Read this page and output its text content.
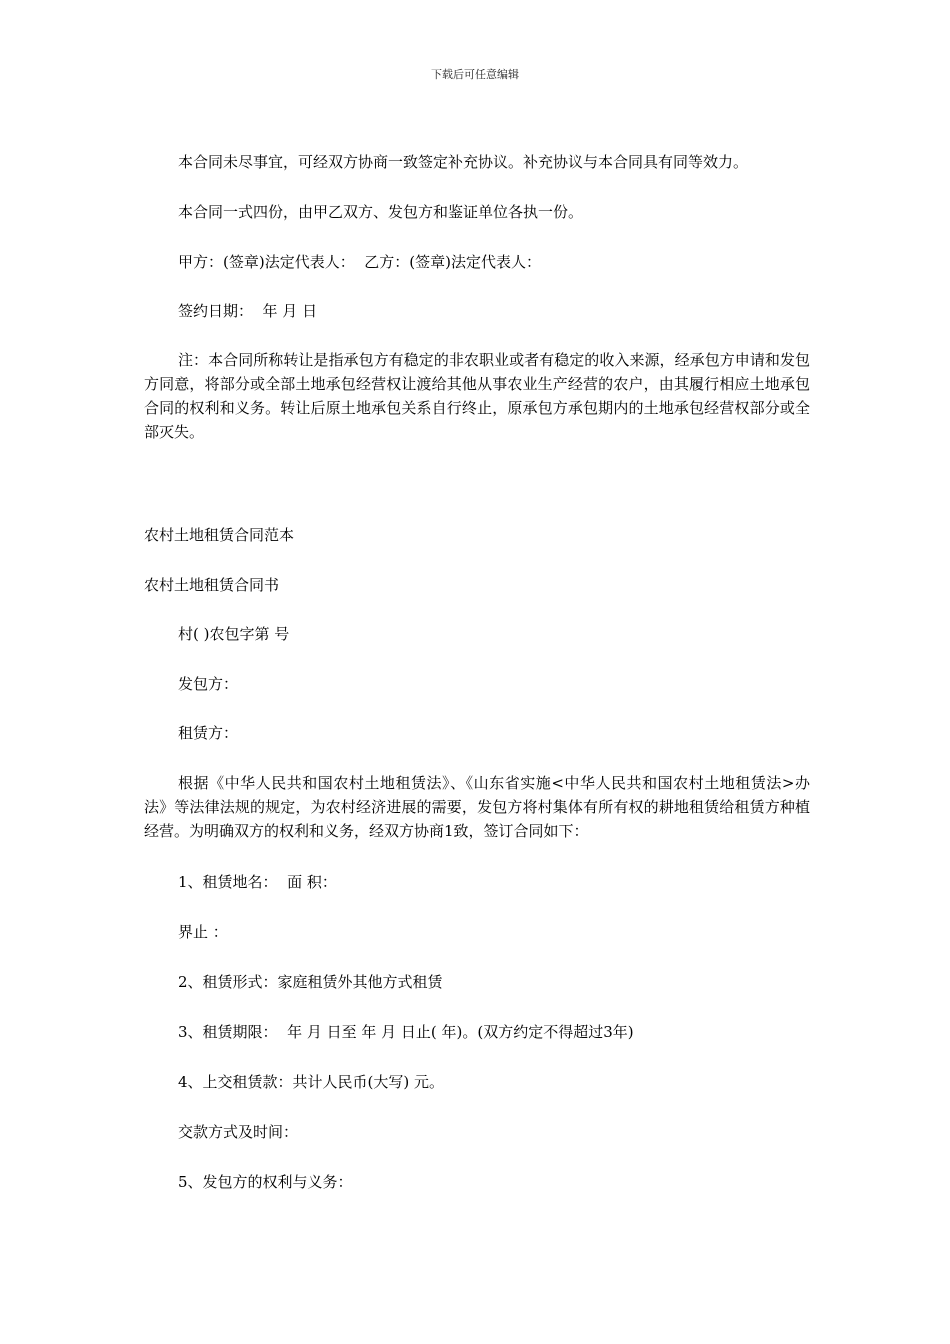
下载后可任意编辑

本合同未尽事宜，可经双方协商一致签定补充协议。补充协议与本合同具有同等效力。

本合同一式四份，由甲乙双方、发包方和鉴证单位各执一份。

甲方：(签章)法定代表人：  乙方：(签章)法定代表人：

签约日期：  年 月 日

注：本合同所称转让是指承包方有稳定的非农职业或者有稳定的收入来源，经承包方申请和发包方同意，将部分或全部土地承包经营权让渡给其他从事农业生产经营的农户，由其履行相应土地承包合同的权利和义务。转让后原土地承包关系自行终止，原承包方承包期内的土地承包经营权部分或全部灭失。

农村土地租赁合同范本

农村土地租赁合同书

村( )农包字第 号

发包方：

租赁方：

根据《中华人民共和国农村土地租赁法》、《山东省实施<中华人民共和国农村土地租赁法>办法》等法律法规的规定，为农村经济进展的需要，发包方将村集体有所有权的耕地租赁给租赁方种植经营。为明确双方的权利和义务，经双方协商1致，签订合同如下：

1、租赁地名：  面 积：

界止 ：

2、租赁形式：家庭租赁外其他方式租赁

3、租赁期限：  年 月 日至 年 月 日止( 年)。(双方约定不得超过3年)

4、上交租赁款：共计人民币(大写) 元。

交款方式及时间：

5、发包方的权利与义务：
